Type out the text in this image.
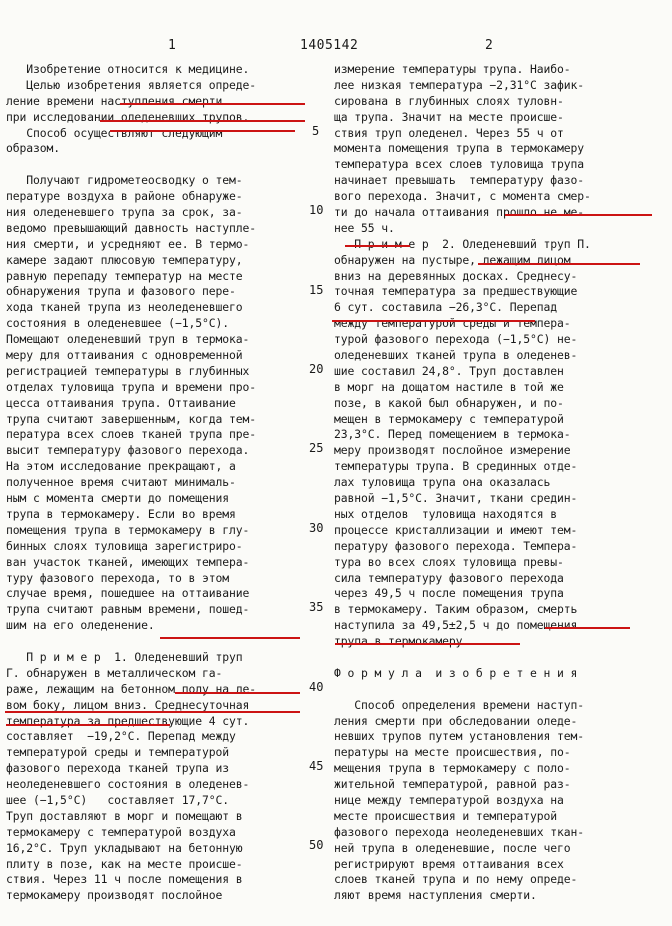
1	1405142	2
Изобретение относится к медицине.
Целью изобретения является опреде-
ление времени наступления смерти
при исследовании оледеневших трупов.
Способ осуществляют следующим
образом.
Получают гидрометеосводку о тем-
пературе воздуха в районе обнаруже-
ния оледеневшего трупа за срок, за-
ведомо превышающий давность наступле-
ния смерти, и усредняют ее. В термо-
камере задают плюсовую температуру,
равную перепаду температур на месте
обнаружения трупа и фазового пере-
хода тканей трупа из неоледеневшего
состояния в оледеневшее (−1,5°С).
Помещают оледеневший труп в термока-
меру для оттаивания с одновременной
регистрацией температуры в глубинных
отделах туловища трупа и времени про-
цесса оттаивания трупа. Оттаивание
трупа считают завершенным, когда тем-
пература всех слоев тканей трупа пре-
высит температуру фазового перехода.
На этом исследование прекращают, а
полученное время считают минималь-
ным с момента смерти до помещения
трупа в термокамеру. Если во время
помещения трупа в термокамеру в глу-
бинных слоях туловища зарегистриро-
ван участок тканей, имеющих темпера-
туру фазового перехода, то в этом
случае время, пошедшее на оттаивание
трупа считают равным времени, пошед-
шим на его оледенение.
П р и м е р  1. Оледеневший труп
Г. обнаружен в металлическом га-
раже, лежащим на бетонном полу на ле-
вом боку, лицом вниз. Среднесуточная
температура за предшествующие 4 сут.
составляет  −19,2°С. Перепад между
температурой среды и температурой
фазового перехода тканей трупа из
неоледеневшего состояния в оледенев-
шее (−1,5°С)   составляет 17,7°С.
Труп доставляют в морг и помещают в
термокамеру с температурой воздуха
16,2°С. Труп укладывают на бетонную
плиту в позе, как на месте происше-
ствия. Через 11 ч после помещения в
термокамеру производят послойное
измерение температуры трупа. Наибо-
лее низкая температура −2,31°С зафик-
сирована в глубинных слоях туловн-
ща трупа. Значит на месте происше-
ствия труп оледенел. Через 55 ч от
момента помещения трупа в термокамеру
температура всех слоев туловища трупа
начинает превышать  температуру фазо-
вого перехода. Значит, с момента смер-
ти до начала оттаивания прошло не ме-
нее 55 ч.
П р и м е р  2. Оледеневший труп П.
обнаружен на пустыре, лежащим лицом
вниз на деревянных досках. Среднесу-
точная температура за предшествующие
6 сут. составила −26,3°С. Перепад
между температурой среды и темпера-
турой фазового перехода (−1,5°С) не-
оледеневших тканей трупа в оледенев-
шие составил 24,8°. Труп доставлен
в морг на дощатом настиле в той же
позе, в какой был обнаружен, и по-
мещен в термокамеру с температурой
23,3°С. Перед помещением в термока-
меру производят послойное измерение
температуры трупа. В срединных отде-
лах туловища трупа она оказалась
равной −1,5°С. Значит, ткани средин-
ных отделов  туловища находятся в
процессе кристаллизации и имеют тем-
пературу фазового перехода. Темпера-
тура во всех слоях туловища превы-
сила температуру фазового перехода
через 49,5 ч после помещения трупа
в термокамеру. Таким образом, смерть
наступила за 49,5±2,5 ч до помещения
трупа в термокамеру.
Ф о р м у л а  и з о б р е т е н и я
Способ определения времени наступ-
ления смерти при обследовании оледе-
невших трупов путем установления тем-
пературы на месте происшествия, по-
мещения трупа в термокамеру с поло-
жительной температурой, равной раз-
ницe между температурой воздуха на
месте происшествия и температурой
фазового перехода неоледеневших ткан-
ней трупа в оледеневшие, после чего
регистрируют время оттаивания всех
слоев тканей трупа и по нему опреде-
ляют время наступления смерти.
5
10
15
20
25
30
35
40
45
50
